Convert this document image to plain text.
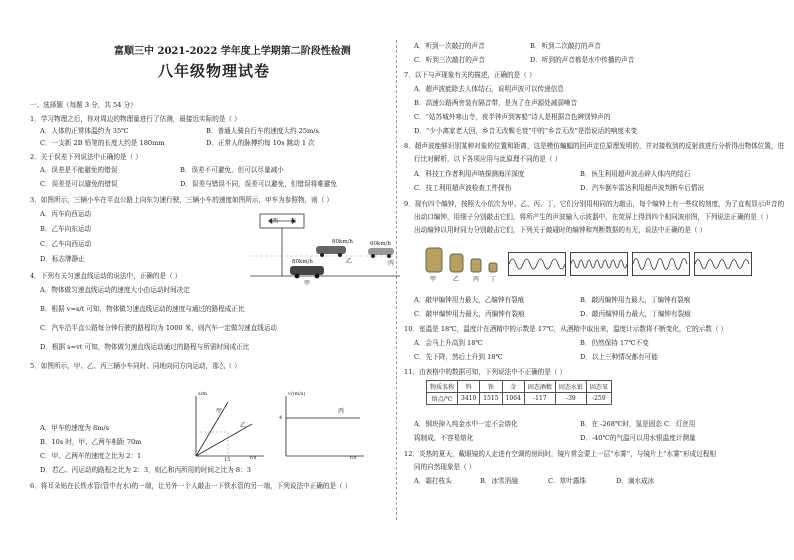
富顺三中 2021-2022 学年度上学期第二阶段性检测
八年级物理试卷
一、选择题（每题 3 分，共 54 分）
1．学习物理之后，你对周边的物理量进行了估测，最接近实际的是（ ）
A．人体的正常体温约为 35℃	B．普通人骑自行车的速度大约 25m/s
C．一支新 2B 铅笔的长度大约是 180mm	D．正常人的脉搏约每 10s 跳动 1 次
2．关于误差下列说法中正确的是（ ）
A．误差是不能避免的错误	B．误差不可避免，但可以尽量减小
C．误差是可以避免的错误	D．误差与错误不同，误差可以避免，但错误将难避免
3．如图所示，三辆小车在平直公路上向东匀速行驶，三辆小车的速度如图所示，甲车为参照物，则（ ）
A．丙车向西运动
B．乙车向东运动
C．乙车向西运动
D．标志牌静止
西 东
80km/h	60km/h
80km/h
甲
乙	丙
4．下列有关匀速直线运动的说法中，正确的是（ ）
A．物体做匀速直线运动的速度大小由运动时间决定
B．根据 v=s/t 可知，物体做匀速直线运动的速度与通过的路程成正比
C．汽车沿平直公路每分钟行驶的路程均为 1000 米，则汽车一定做匀速直线运动
D．根据 s=vt 可知，物体做匀速直线运动通过的路程与所需时间成正比
5．如图所示，甲、乙、丙三辆小车同时、同地向同方向运动，那么（ ）
A．甲车的速度为 8m/s
B．10s 时，甲、乙两车相距 70m
C．甲、乙两车的速度之比为 2：1
D．若乙、丙运动的路程之比为 2：3，则乙和丙所用的时间之比为 8：3
s/m
t/s
甲
乙
15
v/(m/s)
t/s
丙
4
6．将耳朵贴在长铁水管(管中有水)的一端，让另外一个人敲击一下铁水管的另一端，下列说法中正确的是（ ）
A．听到一次敲打的声音	B．听到二次敲打的声音
C．听到三次敲打的声音	D．听到的声音都是水中传播的声音
7．以下与声现象有关的描述，正确的是（ ）
A．超声波能除去人体结石，说明声波可以传递信息
B．高速公路两旁装有隔音带，是为了在声源处减弱噪音
C．“姑苏城外寒山寺，夜半钟声到客船”诗人是根据音色辨别钟声的
D．“少小离家老大回，乡音无改鬓毛衰”中的“乡音无改”是指说话的响度未变
8．超声波能够识别某种对象的位置和距离，这是模仿蝙蝠的回声定位原理发明的，并对接收到的反射波进行分析得出物体位置，进
行比对解析，以下各项应用与此原理不同的是（ ）
A．科技工作者利用声呐探测海洋深度	B．医生利用超声波击碎人体内的结石
C．技工利用超声波检查工件探伤	D．汽车倒车雷达利用超声波判断车后情况
9．现有四个编钟，按照大小依次为甲、乙、丙、丁，它们分别用相同的力敲击，每个编钟上有一些纹的刻度，为了直观显示声音的
出动口编钟，用细子分别敲击它们，将所产生的声波输入示波器中，在荧屏上得到四个相同波形图，下列说法正确的是（ ）
出动编钟以用时同力分别敲击它们，下列关于敲碰时的编钟和判断数据的有无，说法中正确的是（ ）
甲	乙 丙 丁
A．敲甲编钟用力最大，乙编钟有裂痕	B．敲丙编钟用力最大，丁编钟有裂痕
C．敲甲编钟用力最大，丙编钟有裂痕	D．敲丙编钟用力最大，丁编钟有裂痕
10．室温是 18℃，温度计在酒精中的示数是 17℃，从酒精中取出来，温度计示数将不断变化，它的示数（ ）
A．会马上升高到 18℃	B．仍然保持 17℃不变
C．先下降，然后上升到 18℃	D．以上三种情况都有可能
11．由表格中的数据可知，下列说法中不正确的是（ ）
物质名称	钨	铁	金	固态酒精	固态水银	固态氧
熔点/℃	3410	1515	1064	-117	-39	-259
A．钢块掉入纯金水中一定不会熔化	B．在 -268℃时，氢是固态 C．灯丝用
钨制成，不容易熔化	D．-40℃的气温可以用水银温度计测量
12．炎热的夏天，戴眼镜的人走进有空调的房间时，镜片常会蒙上一层“水雾”，与镜片上“水雾”形成过程相
同的自然现象是（ ）
A．霜打枝头	B．冰雪消融	C．草叶露珠	D．滴水成冰
